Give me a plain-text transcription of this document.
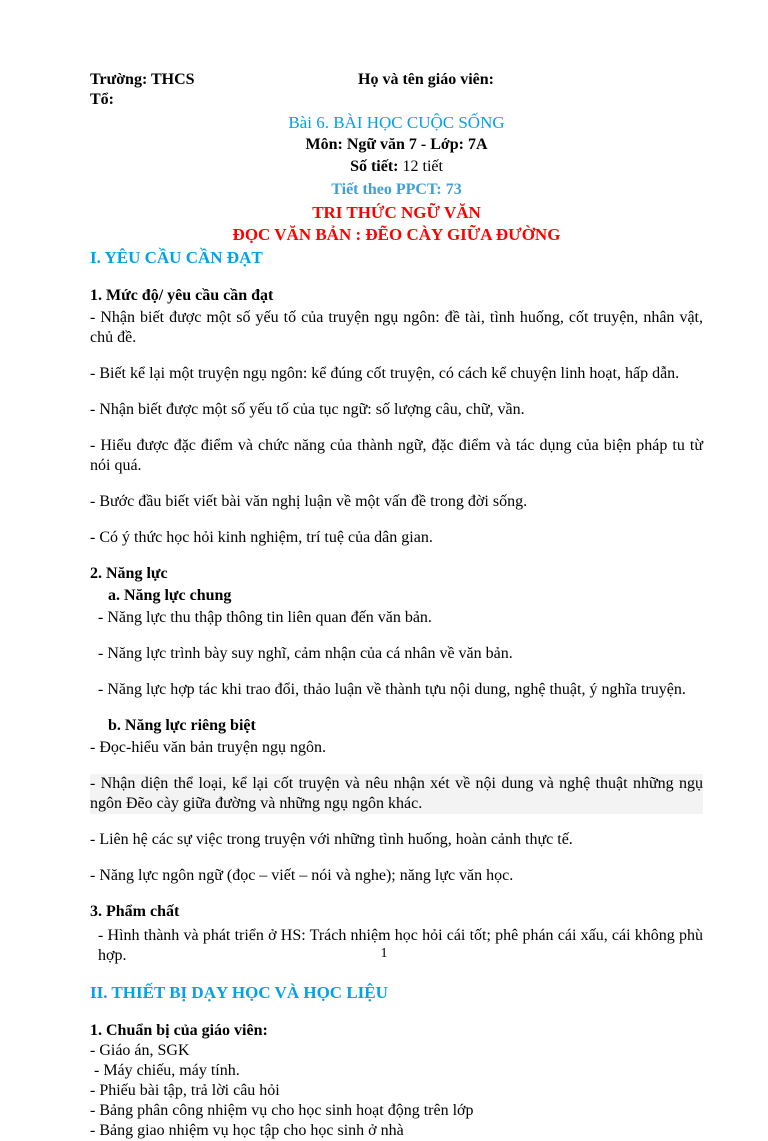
Trường: THCS	Họ và tên giáo viên:

Tổ:

Bài 6. BÀI HỌC CUỘC SỐNG

Môn: Ngữ văn 7 - Lớp: 7A

Số tiết: 12 tiết

Tiết theo PPCT: 73

TRI THỨC NGỮ VĂN

ĐỌC VĂN BẢN : ĐẼO CÀY GIỮA ĐƯỜNG

I. YÊU CẦU CẦN ĐẠT

1. Mức độ/ yêu cầu cần đạt

- Nhận biết được một số yếu tố của truyện ngụ ngôn: đề tài, tình huống, cốt truyện, nhân vật, chủ đề.

- Biết kể lại một truyện ngụ ngôn: kể đúng cốt truyện, có cách kể chuyện linh hoạt, hấp dẫn.

- Nhận biết được một số yếu tố của tục ngữ: số lượng câu, chữ, vần.

- Hiểu được đặc điểm và chức năng của thành ngữ, đặc điểm và tác dụng của biện pháp tu từ nói quá.

- Bước đầu biết viết bài văn nghị luận về một vấn đề trong đời sống.

- Có ý thức học hỏi kinh nghiệm, trí tuệ của dân gian.

2. Năng lực

a. Năng lực chung

- Năng lực thu thập thông tin liên quan đến văn bản.

- Năng lực trình bày suy nghĩ, cảm nhận của cá nhân về văn bản.

- Năng lực hợp tác khi trao đổi, thảo luận về thành tựu nội dung, nghệ thuật, ý nghĩa truyện.

b. Năng lực riêng biệt

- Đọc-hiểu văn bản truyện ngụ ngôn.

- Nhận diện thể loại, kể lại cốt truyện và nêu nhận xét về nội dung và nghệ thuật những ngụ ngôn Đẽo cày giữa đường và những ngụ ngôn khác.

- Liên hệ các sự việc trong truyện với những tình huống, hoàn cảnh thực tế.

- Năng lực ngôn ngữ (đọc – viết – nói và nghe); năng lực văn học.

3. Phẩm chất

- Hình thành và phát triển ở HS: Trách nhiệm học hỏi cái tốt; phê phán cái xấu, cái không phù hợp.

II. THIẾT BỊ DẠY HỌC VÀ HỌC LIỆU

1. Chuẩn bị của giáo viên:

- Giáo án, SGK

- Máy chiếu, máy tính.

- Phiếu bài tập, trả lời câu hỏi

- Bảng phân công nhiệm vụ cho học sinh hoạt động trên lớp

- Bảng giao nhiệm vụ học tập cho học sinh ở nhà

1
